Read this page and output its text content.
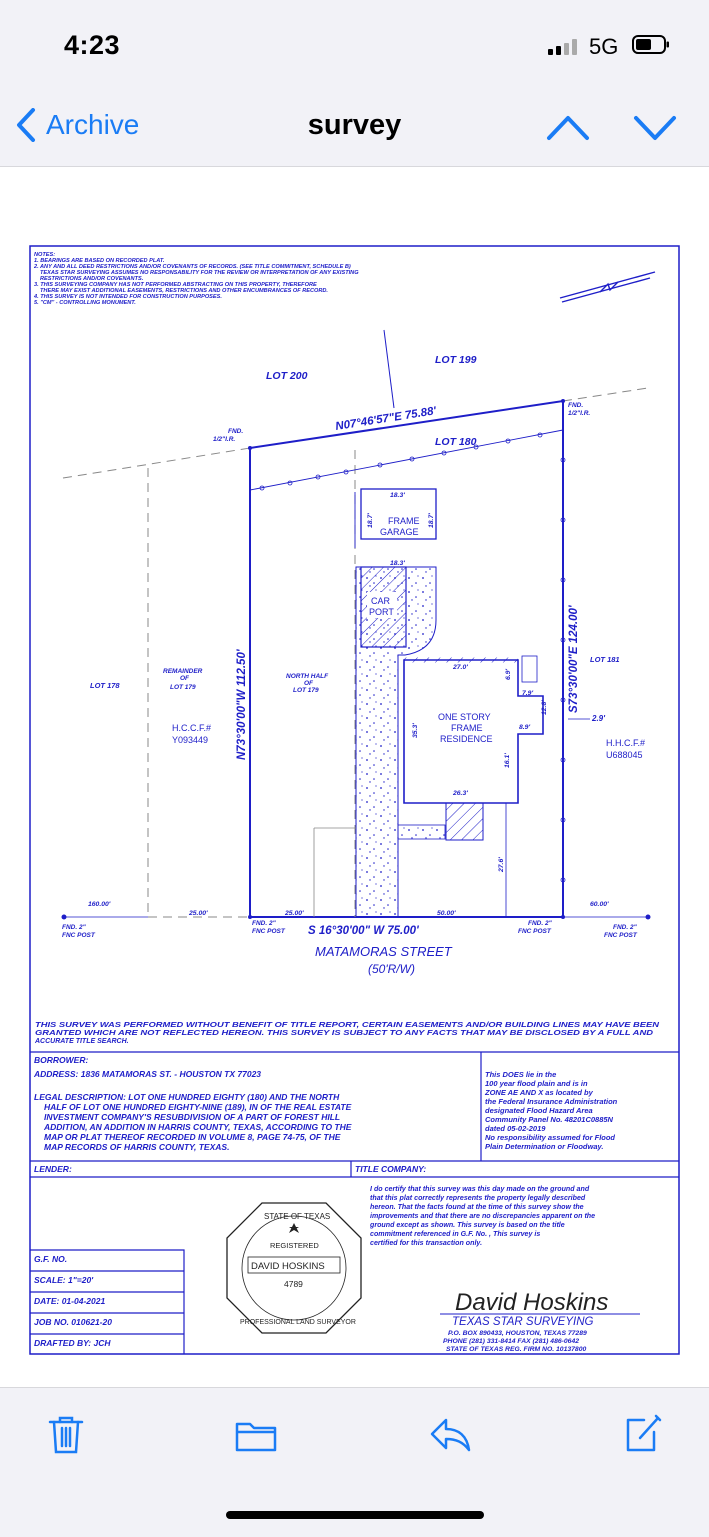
4:23	5G
Archive	survey
NOTES:
1. BEARINGS ARE BASED ON RECORDED PLAT.
2. ANY AND ALL DEED RESTRICTIONS AND/OR COVENANTS OF RECORDS. (SEE TITLE COMMITMENT, SCHEDULE B)
TEXAS STAR SURVEYING ASSUMES NO RESPONSABILITY FOR THE REVIEW OR INTERPRETATION OF ANY EXISTING
RESTRICTIONS AND/OR COVENANTS.
3. THIS SURVEYING COMPANY HAS NOT PERFORMED ABSTRACTING ON THIS PROPERTY, THEREFORE
THERE MAY EXIST ADDITIONAL EASEMENTS, RESTRICTIONS AND OTHER ENCUMBRANCES OF RECORD.
4. THIS SURVEY IS NOT INTENDED FOR CONSTRUCTION PURPOSES.
5. "CM" - CONTROLLING MONUMENT.
LOT 199
LOT 200
LOT 180
LOT 178
LOT 181
N07°46'57"E 75.88'
N73°30'00"W 112.50'	S73°30'00"E 124.00'
S 16°30'00" W 75.00'
MATAMORAS STREET
(50'R/W)
REMAINDER
OF
LOT 179
NORTH HALF
OF
LOT 179
FND.
1/2"I.R.
FND.
1/2"I.R.
FND. 2"
FNC POST
FND. 2"
FNC POST
FND. 2"
FNC POST
FND. 2"
FNC POST
H.C.C.F.#
Y093449	H.H.C.F.#
U688045
FRAME
GARAGE
CAR
PORT
ONE STORY
FRAME
RESIDENCE
18.3'
18.3'
18.7'	18.7'
27.0'
6.9'
7.9'
8.9'
12.8'
35.3'
16.1'
26.3'
27.6'
2.9'
160.00'
25.00'	25.00'	50.00'
60.00'
THIS SURVEY WAS PERFORMED WITHOUT BENEFIT OF TITLE REPORT, CERTAIN EASEMENTS AND/OR BUILDING LINES MAY HAVE BEEN
GRANTED WHICH ARE NOT REFLECTED HEREON. THIS SURVEY IS SUBJECT TO ANY FACTS THAT MAY BE DISCLOSED BY A FULL AND
ACCURATE TITLE SEARCH.
BORROWER:
ADDRESS: 1836 MATAMORAS ST. - HOUSTON TX 77023
LEGAL DESCRIPTION: LOT ONE HUNDRED EIGHTY (180) AND THE NORTH
HALF OF LOT ONE HUNDRED EIGHTY-NINE (189), IN OF THE REAL ESTATE
INVESTMENT COMPANY'S RESUBDIVISION OF A PART OF FOREST HILL
ADDITION, AN ADDITION IN HARRIS COUNTY, TEXAS, ACCORDING TO THE
MAP OR PLAT THEREOF RECORDED IN VOLUME 8, PAGE 74-75, OF THE
MAP RECORDS OF HARRIS COUNTY, TEXAS.
LENDER:	TITLE COMPANY:
G.F. NO.
SCALE: 1"=20'
DATE: 01-04-2021
JOB NO. 010621-20
DRAFTED BY: JCH
This DOES lie in the
100 year flood plain and is in
ZONE AE AND X as located by
the Federal Insurance Administration
designated Flood Hazard Area
Community Panel No. 48201C0885N
dated 05-02-2019
No responsibility assumed for Flood
Plain Determination or Floodway.
I do certify that this survey was this day made on the ground and
that this plat correctly represents the property legally described
hereon. That the facts found at the time of this survey show the
improvements and that there are no discrepancies apparent on the
ground except as shown. This survey is based on the title
commitment referenced in G.F. No. , This survey is
certified for this transaction only.
STATE OF TEXAS
REGISTERED
DAVID HOSKINS
4789
PROFESSIONAL LAND SURVEYOR
David Hoskins
TEXAS STAR SURVEYING
P.O. BOX 890433, HOUSTON, TEXAS 77289
PHONE (281) 331-8414 FAX (281) 486-0642
STATE OF TEXAS REG. FIRM NO. 10137800
